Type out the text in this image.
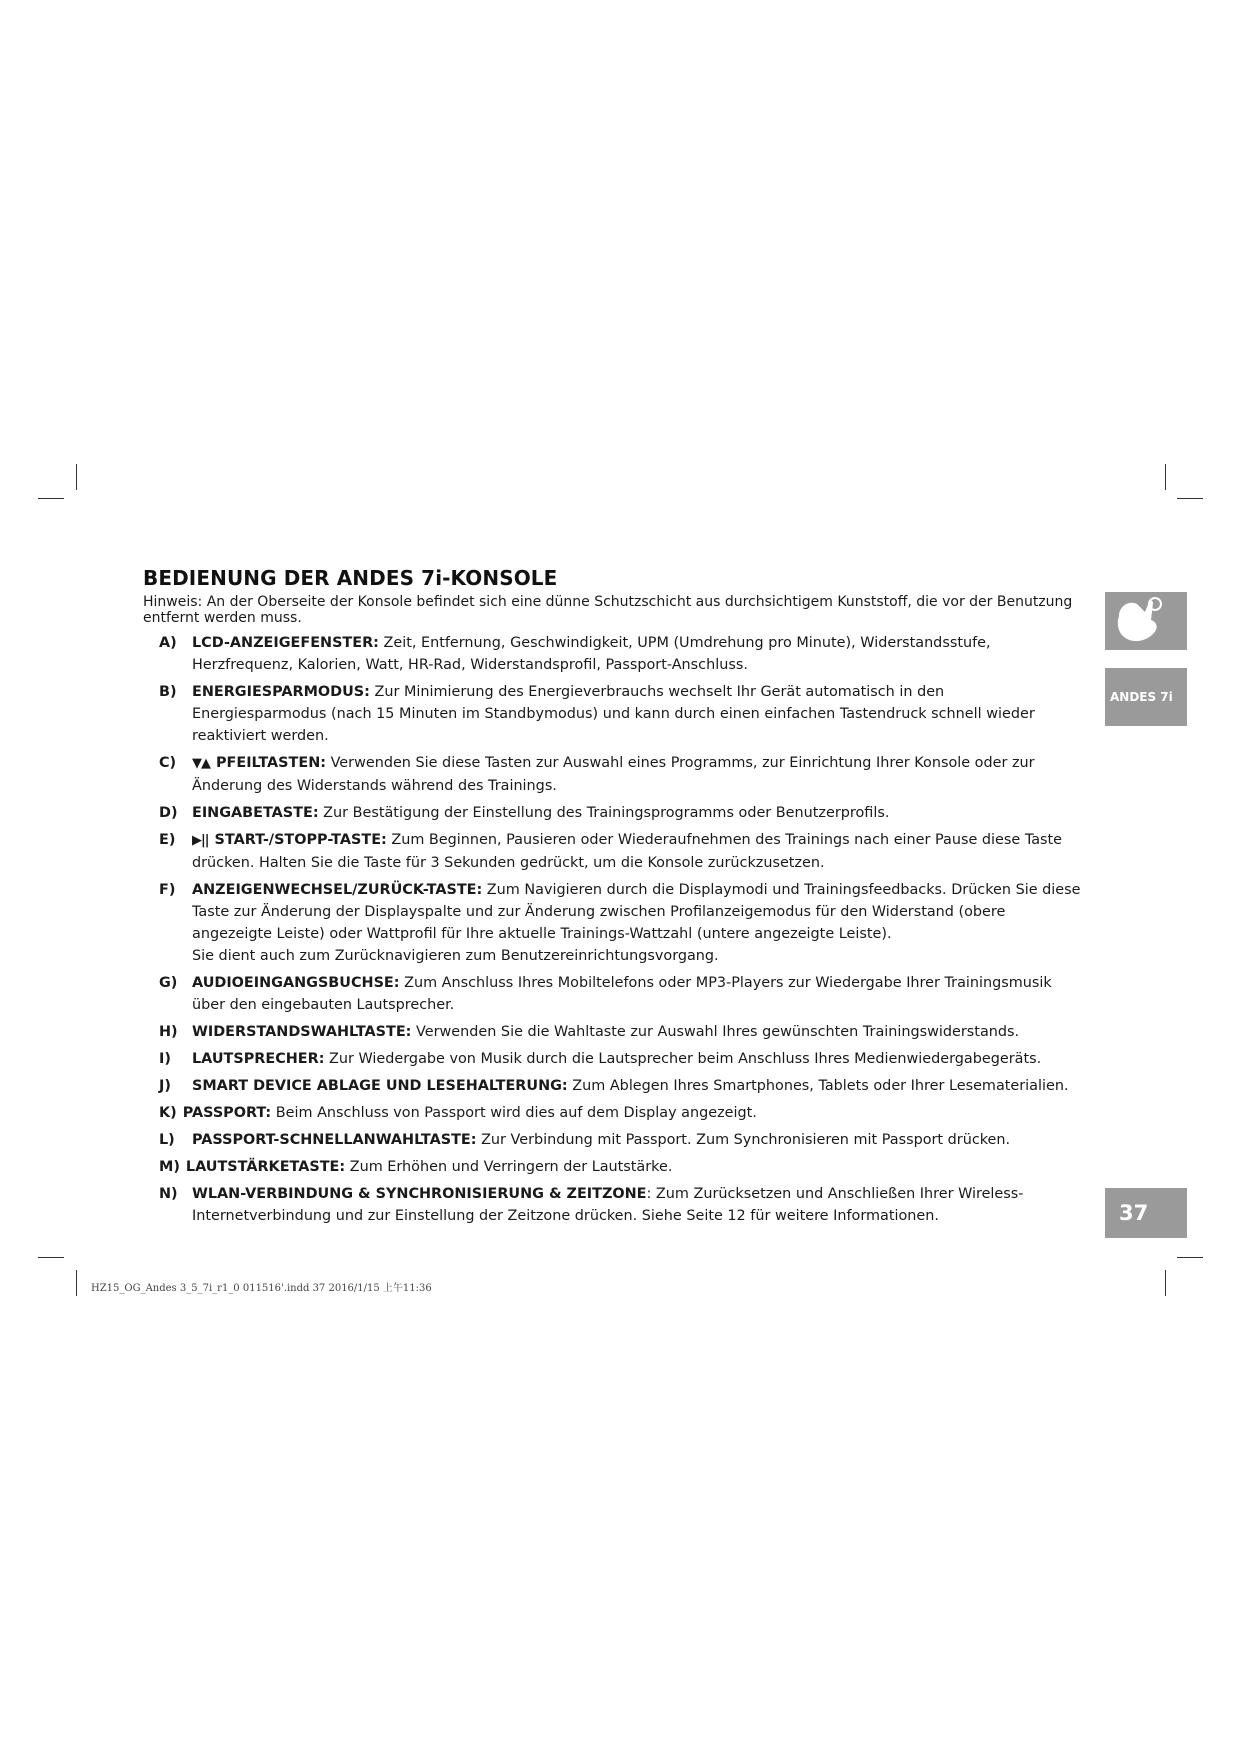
BEDIENUNG DER ANDES 7i-KONSOLE

Hinweis: An der Oberseite der Konsole befindet sich eine dünne Schutzschicht aus durchsichtigem Kunststoff, die vor der Benutzung entfernt werden muss.

A) LCD-ANZEIGEFENSTER: Zeit, Entfernung, Geschwindigkeit, UPM (Umdrehung pro Minute), Widerstandsstufe, Herzfrequenz, Kalorien, Watt, HR-Rad, Widerstandsprofil, Passport-Anschluss.
B) ENERGIESPARMODUS: Zur Minimierung des Energieverbrauchs wechselt Ihr Gerät automatisch in den Energiesparmodus (nach 15 Minuten im Standbymodus) und kann durch einen einfachen Tastendruck schnell wieder reaktiviert werden.
C) ▼▲ PFEILTASTEN: Verwenden Sie diese Tasten zur Auswahl eines Programms, zur Einrichtung Ihrer Konsole oder zur Änderung des Widerstands während des Trainings.
D) EINGABETASTE: Zur Bestätigung der Einstellung des Trainingsprogramms oder Benutzerprofils.
E) ▶|| START-/STOPP-TASTE: Zum Beginnen, Pausieren oder Wiederaufnehmen des Trainings nach einer Pause diese Taste drücken. Halten Sie die Taste für 3 Sekunden gedrückt, um die Konsole zurückzusetzen.
F) ANZEIGENWECHSEL/ZURÜCK-TASTE: Zum Navigieren durch die Displaymodi und Trainingsfeedbacks. Drücken Sie diese Taste zur Änderung der Displayspalte und zur Änderung zwischen Profilanzeigemodus für den Widerstand (obere angezeigte Leiste) oder Wattprofil für Ihre aktuelle Trainings-Wattzahl (untere angezeigte Leiste).
Sie dient auch zum Zurücknavigieren zum Benutzereinrichtungsvorgang.
G) AUDIOEINGANGSBUCHSE: Zum Anschluss Ihres Mobiltelefons oder MP3-Players zur Wiedergabe Ihrer Trainingsmusik über den eingebauten Lautsprecher.
H) WIDERSTANDSWAHLTASTE: Verwenden Sie die Wahltaste zur Auswahl Ihres gewünschten Trainingswiderstands.
I) LAUTSPRECHER: Zur Wiedergabe von Musik durch die Lautsprecher beim Anschluss Ihres Medienwiedergabegeräts.
J) SMART DEVICE ABLAGE UND LESEHALTERUNG: Zum Ablegen Ihres Smartphones, Tablets oder Ihrer Lesematerialien.
K) PASSPORT: Beim Anschluss von Passport wird dies auf dem Display angezeigt.
L) PASSPORT-SCHNELLANWAHLTASTE: Zur Verbindung mit Passport. Zum Synchronisieren mit Passport drücken.
M) LAUTSTÄRKETASTE: Zum Erhöhen und Verringern der Lautstärke.
N) WLAN-VERBINDUNG & SYNCHRONISIERUNG & ZEITZONE: Zum Zurücksetzen und Anschließen Ihrer Wireless-Internetverbindung und zur Einstellung der Zeitzone drücken. Siehe Seite 12 für weitere Informationen.
ANDES 7i
37
HZ15_OG_Andes 3_5_7i_r1_0 011516'.indd 37 2016/1/15 上午11:36
